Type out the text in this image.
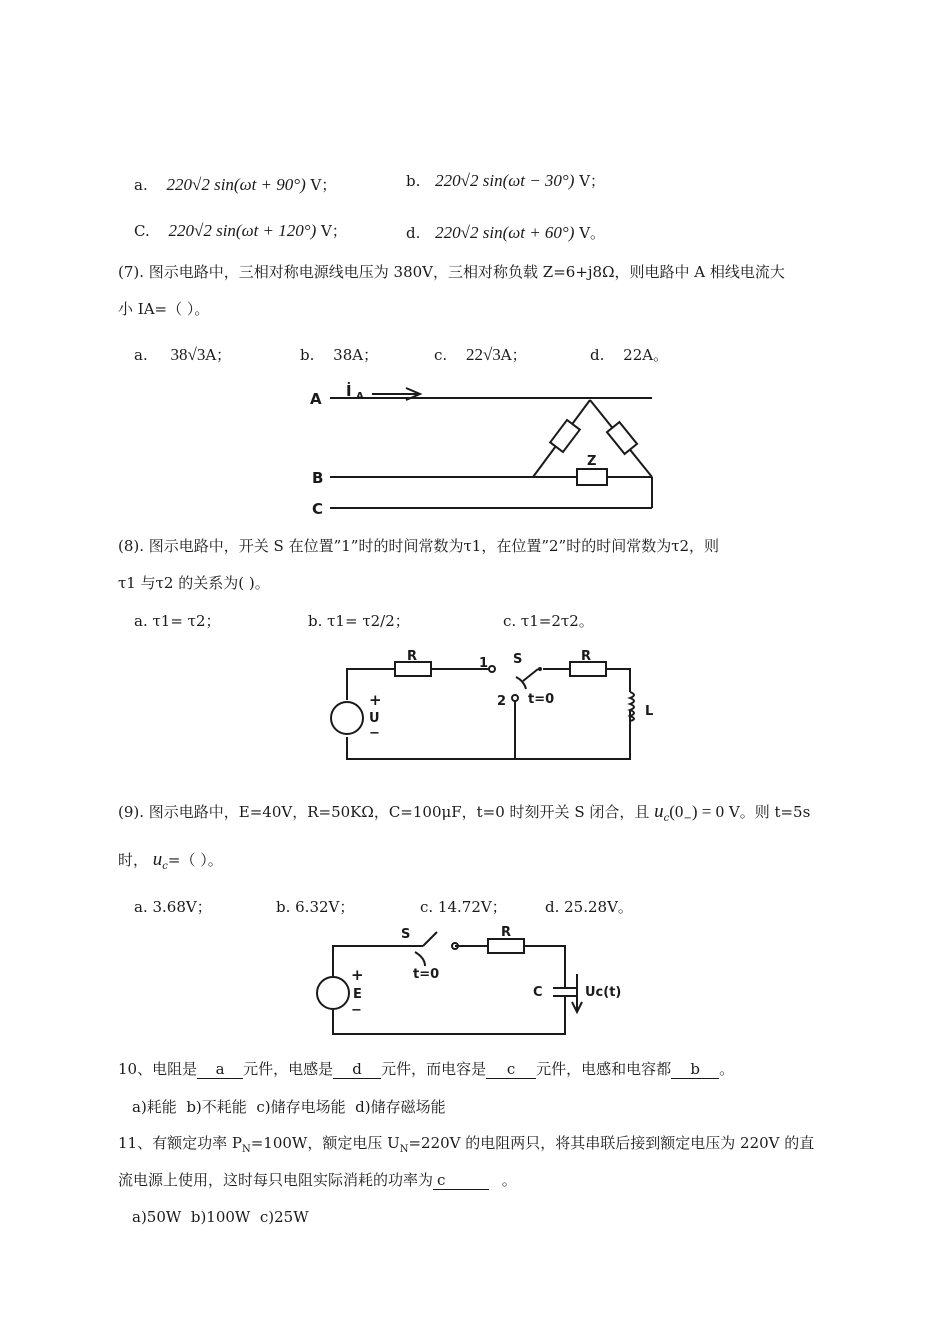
a. 220√2 sin(ωt + 90°) V；	b. 220√2 sin(ωt − 30°) V；
C. 220√2 sin(ωt + 120°) V；	d. 220√2 sin(ωt + 60°) V。
(7). 图示电路中，三相对称电源线电压为 380V，三相对称负载 Z=6+j8Ω，则电路中 A 相线电流大
小 IA=（ ）。
a. 38√3A；	b. 38A；	c. 22√3A；	d. 22A。
A
B
C
İ A
Z
(8). 图示电路中，开关 S 在位置”1”时的时间常数为τ1，在位置”2”时的时间常数为τ2，则
τ1 与τ2 的关系为( )。
a. τ1= τ2；	b. τ1= τ2/2；	c. τ1=2τ2。
R	R
1
2
S
t=0
+
U
−
L
(9). 图示电路中，E=40V，R=50KΩ，C=100μF，t=0 时刻开关 S 闭合，且 $u_c(0_-) = 0$ V。则 t=5s
时， $u_c=$（ ）。
a. 3.68V；	b. 6.32V；	c. 14.72V；	d. 25.28V。
S
t=0
R
+
E
−
C	Uc(t)
10、电阻是 a 元件，电感是 d 元件，而电容是 c 元件，电感和电容都 b 。
a)耗能  b)不耗能  c)储存电场能  d)储存磁场能
11、有额定功率 $P_N=100W$，额定电压 $U_N=220V$ 的电阻两只，将其串联后接到额定电压为 220V 的直
流电源上使用，这时每只电阻实际消耗的功率为 c	。
a)50W  b)100W  c)25W
